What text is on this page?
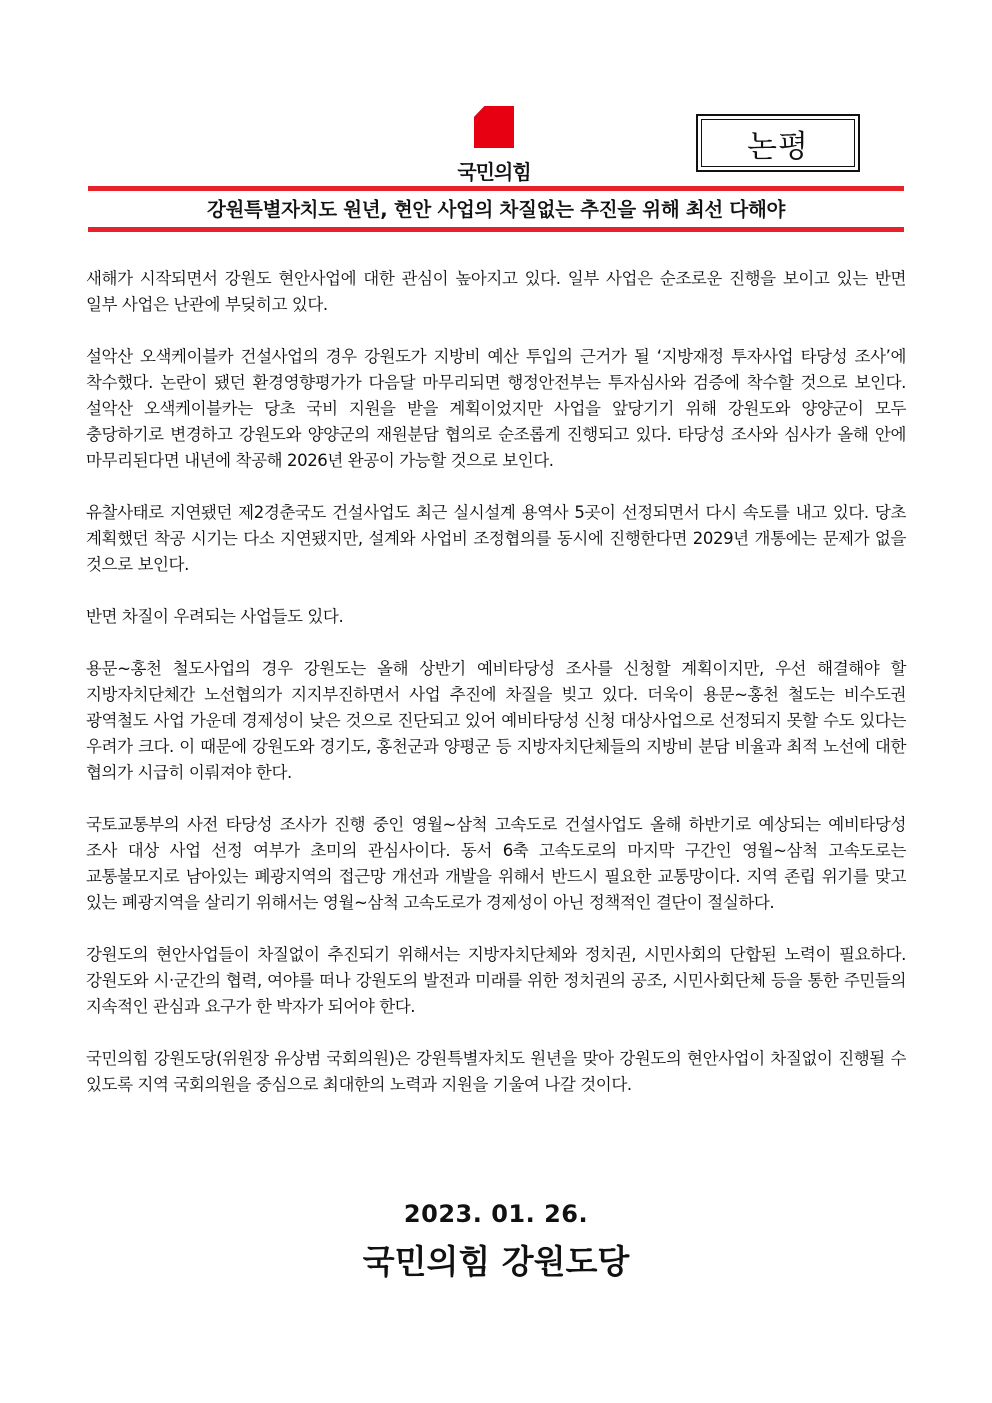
국민의힘
논평
강원특별자치도 원년, 현안 사업의 차질없는 추진을 위해 최선 다해야

새해가 시작되면서 강원도 현안사업에 대한 관심이 높아지고 있다. 일부 사업은 순조로운 진행을 보이고 있는 반면 일부 사업은 난관에 부딪히고 있다.

설악산 오색케이블카 건설사업의 경우 강원도가 지방비 예산 투입의 근거가 될 ‘지방재정 투자사업 타당성 조사’에 착수했다. 논란이 됐던 환경영향평가가 다음달 마무리되면 행정안전부는 투자심사와 검증에 착수할 것으로 보인다. 설악산 오색케이블카는 당초 국비 지원을 받을 계획이었지만 사업을 앞당기기 위해 강원도와 양양군이 모두 충당하기로 변경하고 강원도와 양양군의 재원분담 협의로 순조롭게 진행되고 있다. 타당성 조사와 심사가 올해 안에 마무리된다면 내년에 착공해 2026년 완공이 가능할 것으로 보인다.

유찰사태로 지연됐던 제2경춘국도 건설사업도 최근 실시설계 용역사 5곳이 선정되면서 다시 속도를 내고 있다. 당초 계획했던 착공 시기는 다소 지연됐지만, 설계와 사업비 조정협의를 동시에 진행한다면 2029년 개통에는 문제가 없을 것으로 보인다.

반면 차질이 우려되는 사업들도 있다.

용문~홍천 철도사업의 경우 강원도는 올해 상반기 예비타당성 조사를 신청할 계획이지만, 우선 해결해야 할 지방자치단체간 노선협의가 지지부진하면서 사업 추진에 차질을 빚고 있다. 더욱이 용문~홍천 철도는 비수도권 광역철도 사업 가운데 경제성이 낮은 것으로 진단되고 있어 예비타당성 신청 대상사업으로 선정되지 못할 수도 있다는 우려가 크다. 이 때문에 강원도와 경기도, 홍천군과 양평군 등 지방자치단체들의 지방비 분담 비율과 최적 노선에 대한 협의가 시급히 이뤄져야 한다.

국토교통부의 사전 타당성 조사가 진행 중인 영월~삼척 고속도로 건설사업도 올해 하반기로 예상되는 예비타당성 조사 대상 사업 선정 여부가 초미의 관심사이다. 동서 6축 고속도로의 마지막 구간인 영월~삼척 고속도로는 교통불모지로 남아있는 폐광지역의 접근망 개선과 개발을 위해서 반드시 필요한 교통망이다. 지역 존립 위기를 맞고 있는 폐광지역을 살리기 위해서는 영월~삼척 고속도로가 경제성이 아닌 정책적인 결단이 절실하다.

강원도의 현안사업들이 차질없이 추진되기 위해서는 지방자치단체와 정치권, 시민사회의 단합된 노력이 필요하다. 강원도와 시·군간의 협력, 여야를 떠나 강원도의 발전과 미래를 위한 정치권의 공조, 시민사회단체 등을 통한 주민들의 지속적인 관심과 요구가 한 박자가 되어야 한다.

국민의힘 강원도당(위원장 유상범 국회의원)은 강원특별자치도 원년을 맞아 강원도의 현안사업이 차질없이 진행될 수 있도록 지역 국회의원을 중심으로 최대한의 노력과 지원을 기울여 나갈 것이다.

2023. 01. 26.
국민의힘 강원도당
